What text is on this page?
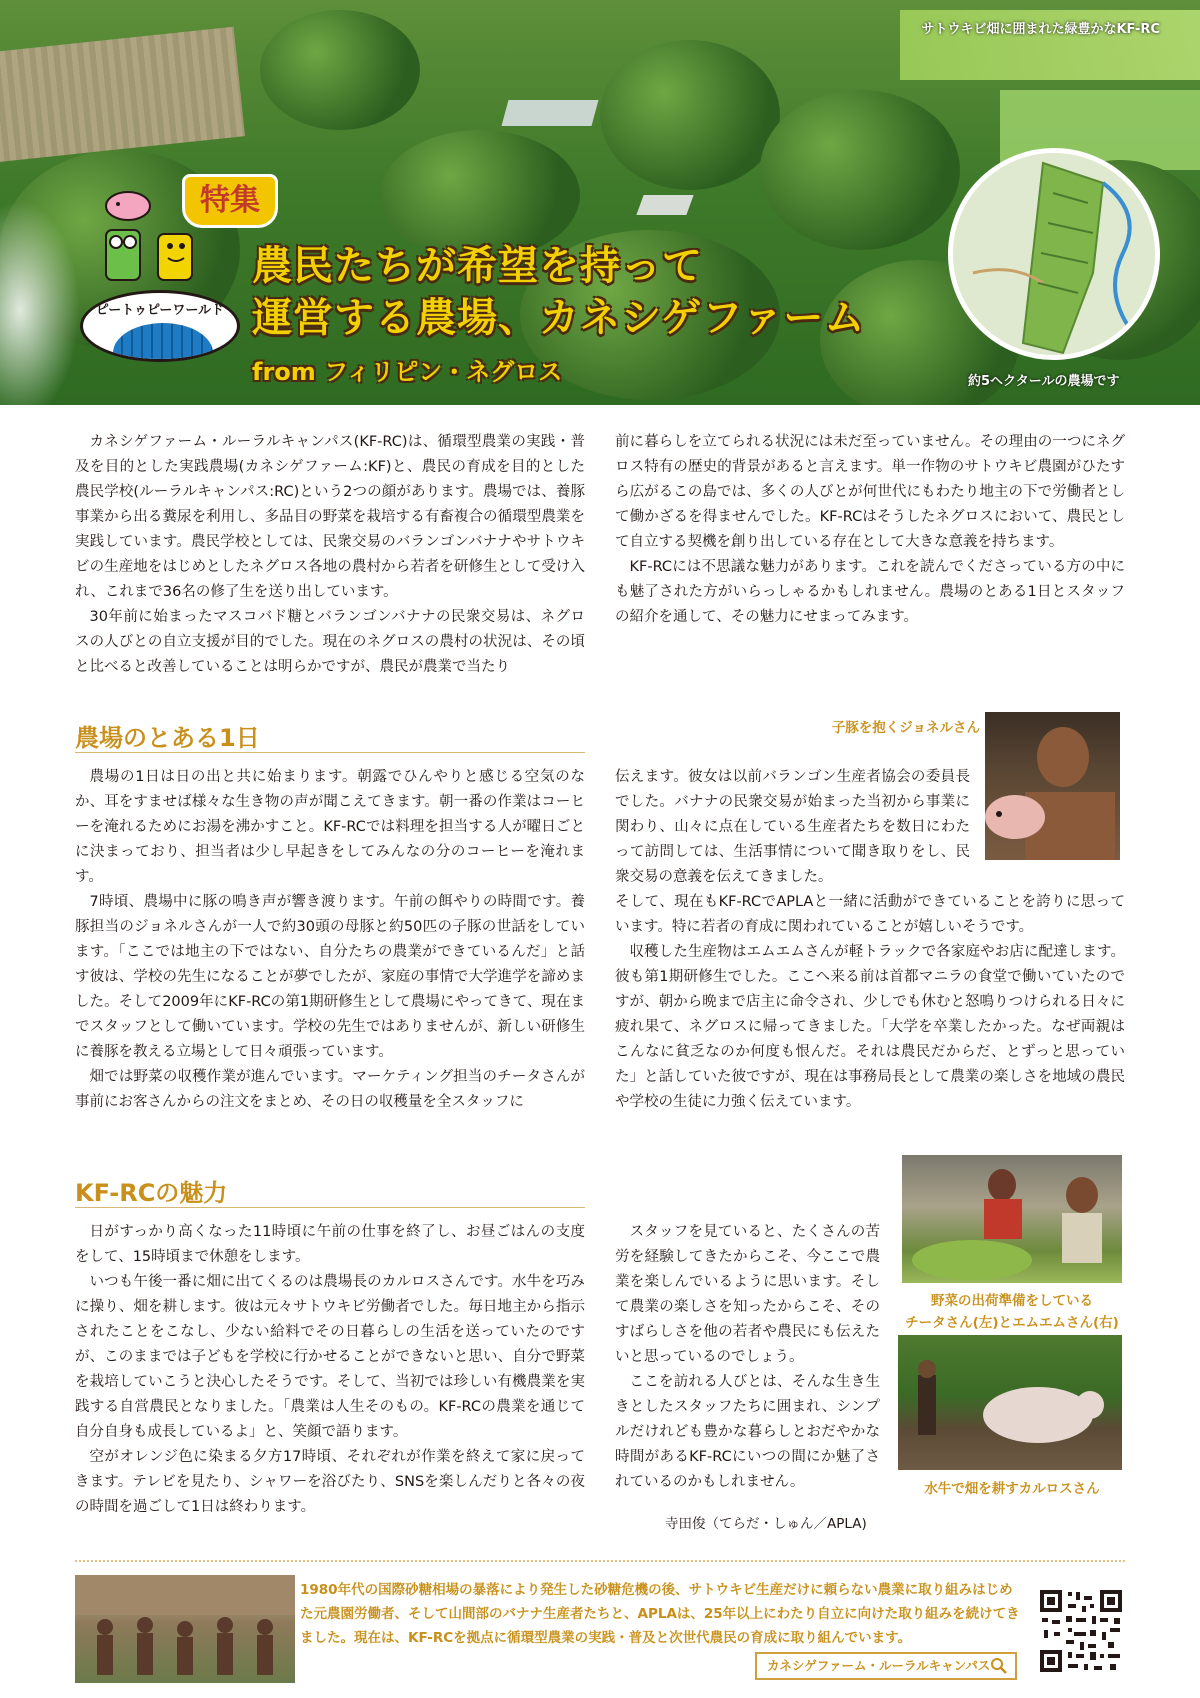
サトウキビ畑に囲まれた緑豊かなKF-RC
特集
ピートゥピーワールド
農民たちが希望を持って
運営する農場、カネシゲファーム
from フィリピン・ネグロス	約5ヘクタールの農場です

カネシゲファーム・ルーラルキャンパス(KF-RC)は、循環型農業の実践・普及を目的とした実践農場(カネシゲファーム:KF)と、農民の育成を目的とした農民学校(ルーラルキャンパス:RC)という2つの顔があります。農場では、養豚事業から出る糞尿を利用し、多品目の野菜を栽培する有畜複合の循環型農業を実践しています。農民学校としては、民衆交易のバランゴンバナナやサトウキビの生産地をはじめとしたネグロス各地の農村から若者を研修生として受け入れ、これまで36名の修了生を送り出しています。

30年前に始まったマスコバド糖とバランゴンバナナの民衆交易は、ネグロスの人びとの自立支援が目的でした。現在のネグロスの農村の状況は、その頃と比べると改善していることは明らかですが、農民が農業で当たり

前に暮らしを立てられる状況には未だ至っていません。その理由の一つにネグロス特有の歴史的背景があると言えます。単一作物のサトウキビ農園がひたすら広がるこの島では、多くの人びとが何世代にもわたり地主の下で労働者として働かざるを得ませんでした。KF-RCはそうしたネグロスにおいて、農民として自立する契機を創り出している存在として大きな意義を持ちます。

KF-RCには不思議な魅力があります。これを読んでくださっている方の中にも魅了された方がいらっしゃるかもしれません。農場のとある1日とスタッフの紹介を通して、その魅力にせまってみます。

農場のとある1日

農場の1日は日の出と共に始まります。朝露でひんやりと感じる空気のなか、耳をすませば様々な生き物の声が聞こえてきます。朝一番の作業はコーヒーを淹れるためにお湯を沸かすこと。KF-RCでは料理を担当する人が曜日ごとに決まっており、担当者は少し早起きをしてみんなの分のコーヒーを淹れます。

7時頃、農場中に豚の鳴き声が響き渡ります。午前の餌やりの時間です。養豚担当のジョネルさんが一人で約30頭の母豚と約50匹の子豚の世話をしています。「ここでは地主の下ではない、自分たちの農業ができているんだ」と話す彼は、学校の先生になることが夢でしたが、家庭の事情で大学進学を諦めました。そして2009年にKF-RCの第1期研修生として農場にやってきて、現在までスタッフとして働いています。学校の先生ではありませんが、新しい研修生に養豚を教える立場として日々頑張っています。

畑では野菜の収穫作業が進んでいます。マーケティング担当のチータさんが事前にお客さんからの注文をまとめ、その日の収穫量を全スタッフに

子豚を抱くジョネルさん

伝えます。彼女は以前バランゴン生産者協会の委員長でした。バナナの民衆交易が始まった当初から事業に関わり、山々に点在している生産者たちを数日にわたって訪問しては、生活事情について聞き取りをし、民衆交易の意義を伝えてきました。

そして、現在もKF-RCでAPLAと一緒に活動ができていることを誇りに思っています。特に若者の育成に関われていることが嬉しいそうです。

収穫した生産物はエムエムさんが軽トラックで各家庭やお店に配達します。彼も第1期研修生でした。ここへ来る前は首都マニラの食堂で働いていたのですが、朝から晩まで店主に命令され、少しでも休むと怒鳴りつけられる日々に疲れ果て、ネグロスに帰ってきました。「大学を卒業したかった。なぜ両親はこんなに貧乏なのか何度も恨んだ。それは農民だからだ、とずっと思っていた」と話していた彼ですが、現在は事務局長として農業の楽しさを地域の農民や学校の生徒に力強く伝えています。

KF-RCの魅力

日がすっかり高くなった11時頃に午前の仕事を終了し、お昼ごはんの支度をして、15時頃まで休憩をします。

いつも午後一番に畑に出てくるのは農場長のカルロスさんです。水牛を巧みに操り、畑を耕します。彼は元々サトウキビ労働者でした。毎日地主から指示されたことをこなし、少ない給料でその日暮らしの生活を送っていたのですが、このままでは子どもを学校に行かせることができないと思い、自分で野菜を栽培していこうと決心したそうです。そして、当初では珍しい有機農業を実践する自営農民となりました。「農業は人生そのもの。KF-RCの農業を通じて自分自身も成長しているよ」と、笑顔で語ります。

空がオレンジ色に染まる夕方17時頃、それぞれが作業を終えて家に戻ってきます。テレビを見たり、シャワーを浴びたり、SNSを楽しんだりと各々の夜の時間を過ごして1日は終わります。

スタッフを見ていると、たくさんの苦労を経験してきたからこそ、今ここで農業を楽しんでいるように思います。そして農業の楽しさを知ったからこそ、そのすばらしさを他の若者や農民にも伝えたいと思っているのでしょう。

ここを訪れる人びとは、そんな生き生きとしたスタッフたちに囲まれ、シンプルだけれども豊かな暮らしとおだやかな時間があるKF-RCにいつの間にか魅了されているのかもしれません。

寺田俊（てらだ・しゅん／APLA)
野菜の出荷準備をしている
チータさん(左)とエムエムさん(右)
水牛で畑を耕すカルロスさん
1980年代の国際砂糖相場の暴落により発生した砂糖危機の後、サトウキビ生産だけに頼らない農業に取り組みはじめた元農園労働者、そして山間部のバナナ生産者たちと、APLAは、25年以上にわたり自立に向けた取り組みを続けてきました。現在は、KF-RCを拠点に循環型農業の実践・普及と次世代農民の育成に取り組んでいます。
カネシゲファーム・ルーラルキャンパス
